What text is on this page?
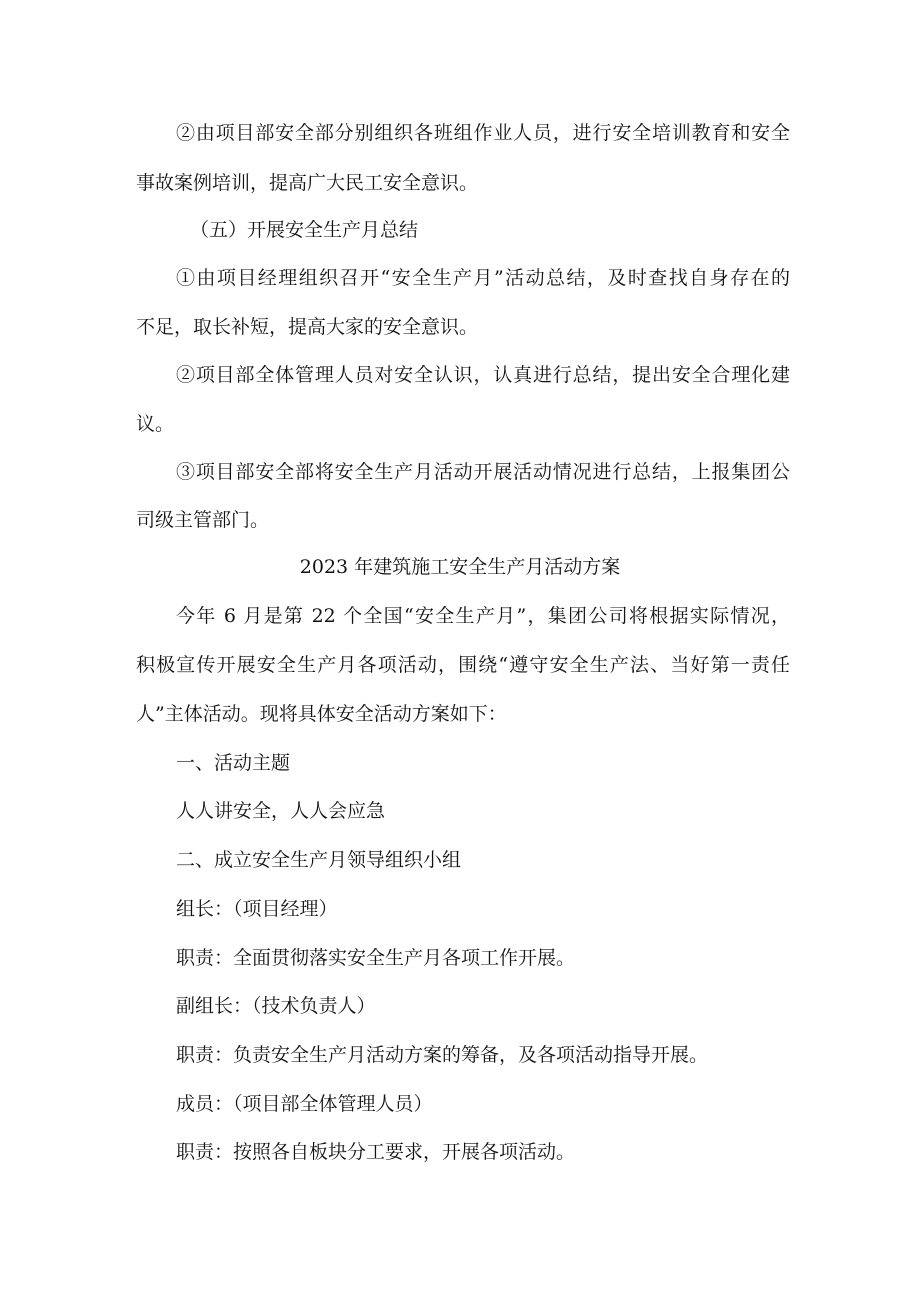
②由项目部安全部分别组织各班组作业人员，进行安全培训教育和安全
事故案例培训，提高广大民工安全意识。
（五）开展安全生产月总结
①由项目经理组织召开“安全生产月”活动总结，及时查找自身存在的
不足，取长补短，提高大家的安全意识。
②项目部全体管理人员对安全认识，认真进行总结，提出安全合理化建
议。
③项目部安全部将安全生产月活动开展活动情况进行总结，上报集团公
司级主管部门。
2023 年建筑施工安全生产月活动方案
今年 6 月是第 22 个全国“安全生产月”，集团公司将根据实际情况，
积极宣传开展安全生产月各项活动，围绕“遵守安全生产法、当好第一责任
人”主体活动。现将具体安全活动方案如下：
一、活动主题
人人讲安全，人人会应急
二、成立安全生产月领导组织小组
组长：（项目经理）
职责：全面贯彻落实安全生产月各项工作开展。
副组长：（技术负责人）
职责：负责安全生产月活动方案的筹备，及各项活动指导开展。
成员：（项目部全体管理人员）
职责：按照各自板块分工要求，开展各项活动。
